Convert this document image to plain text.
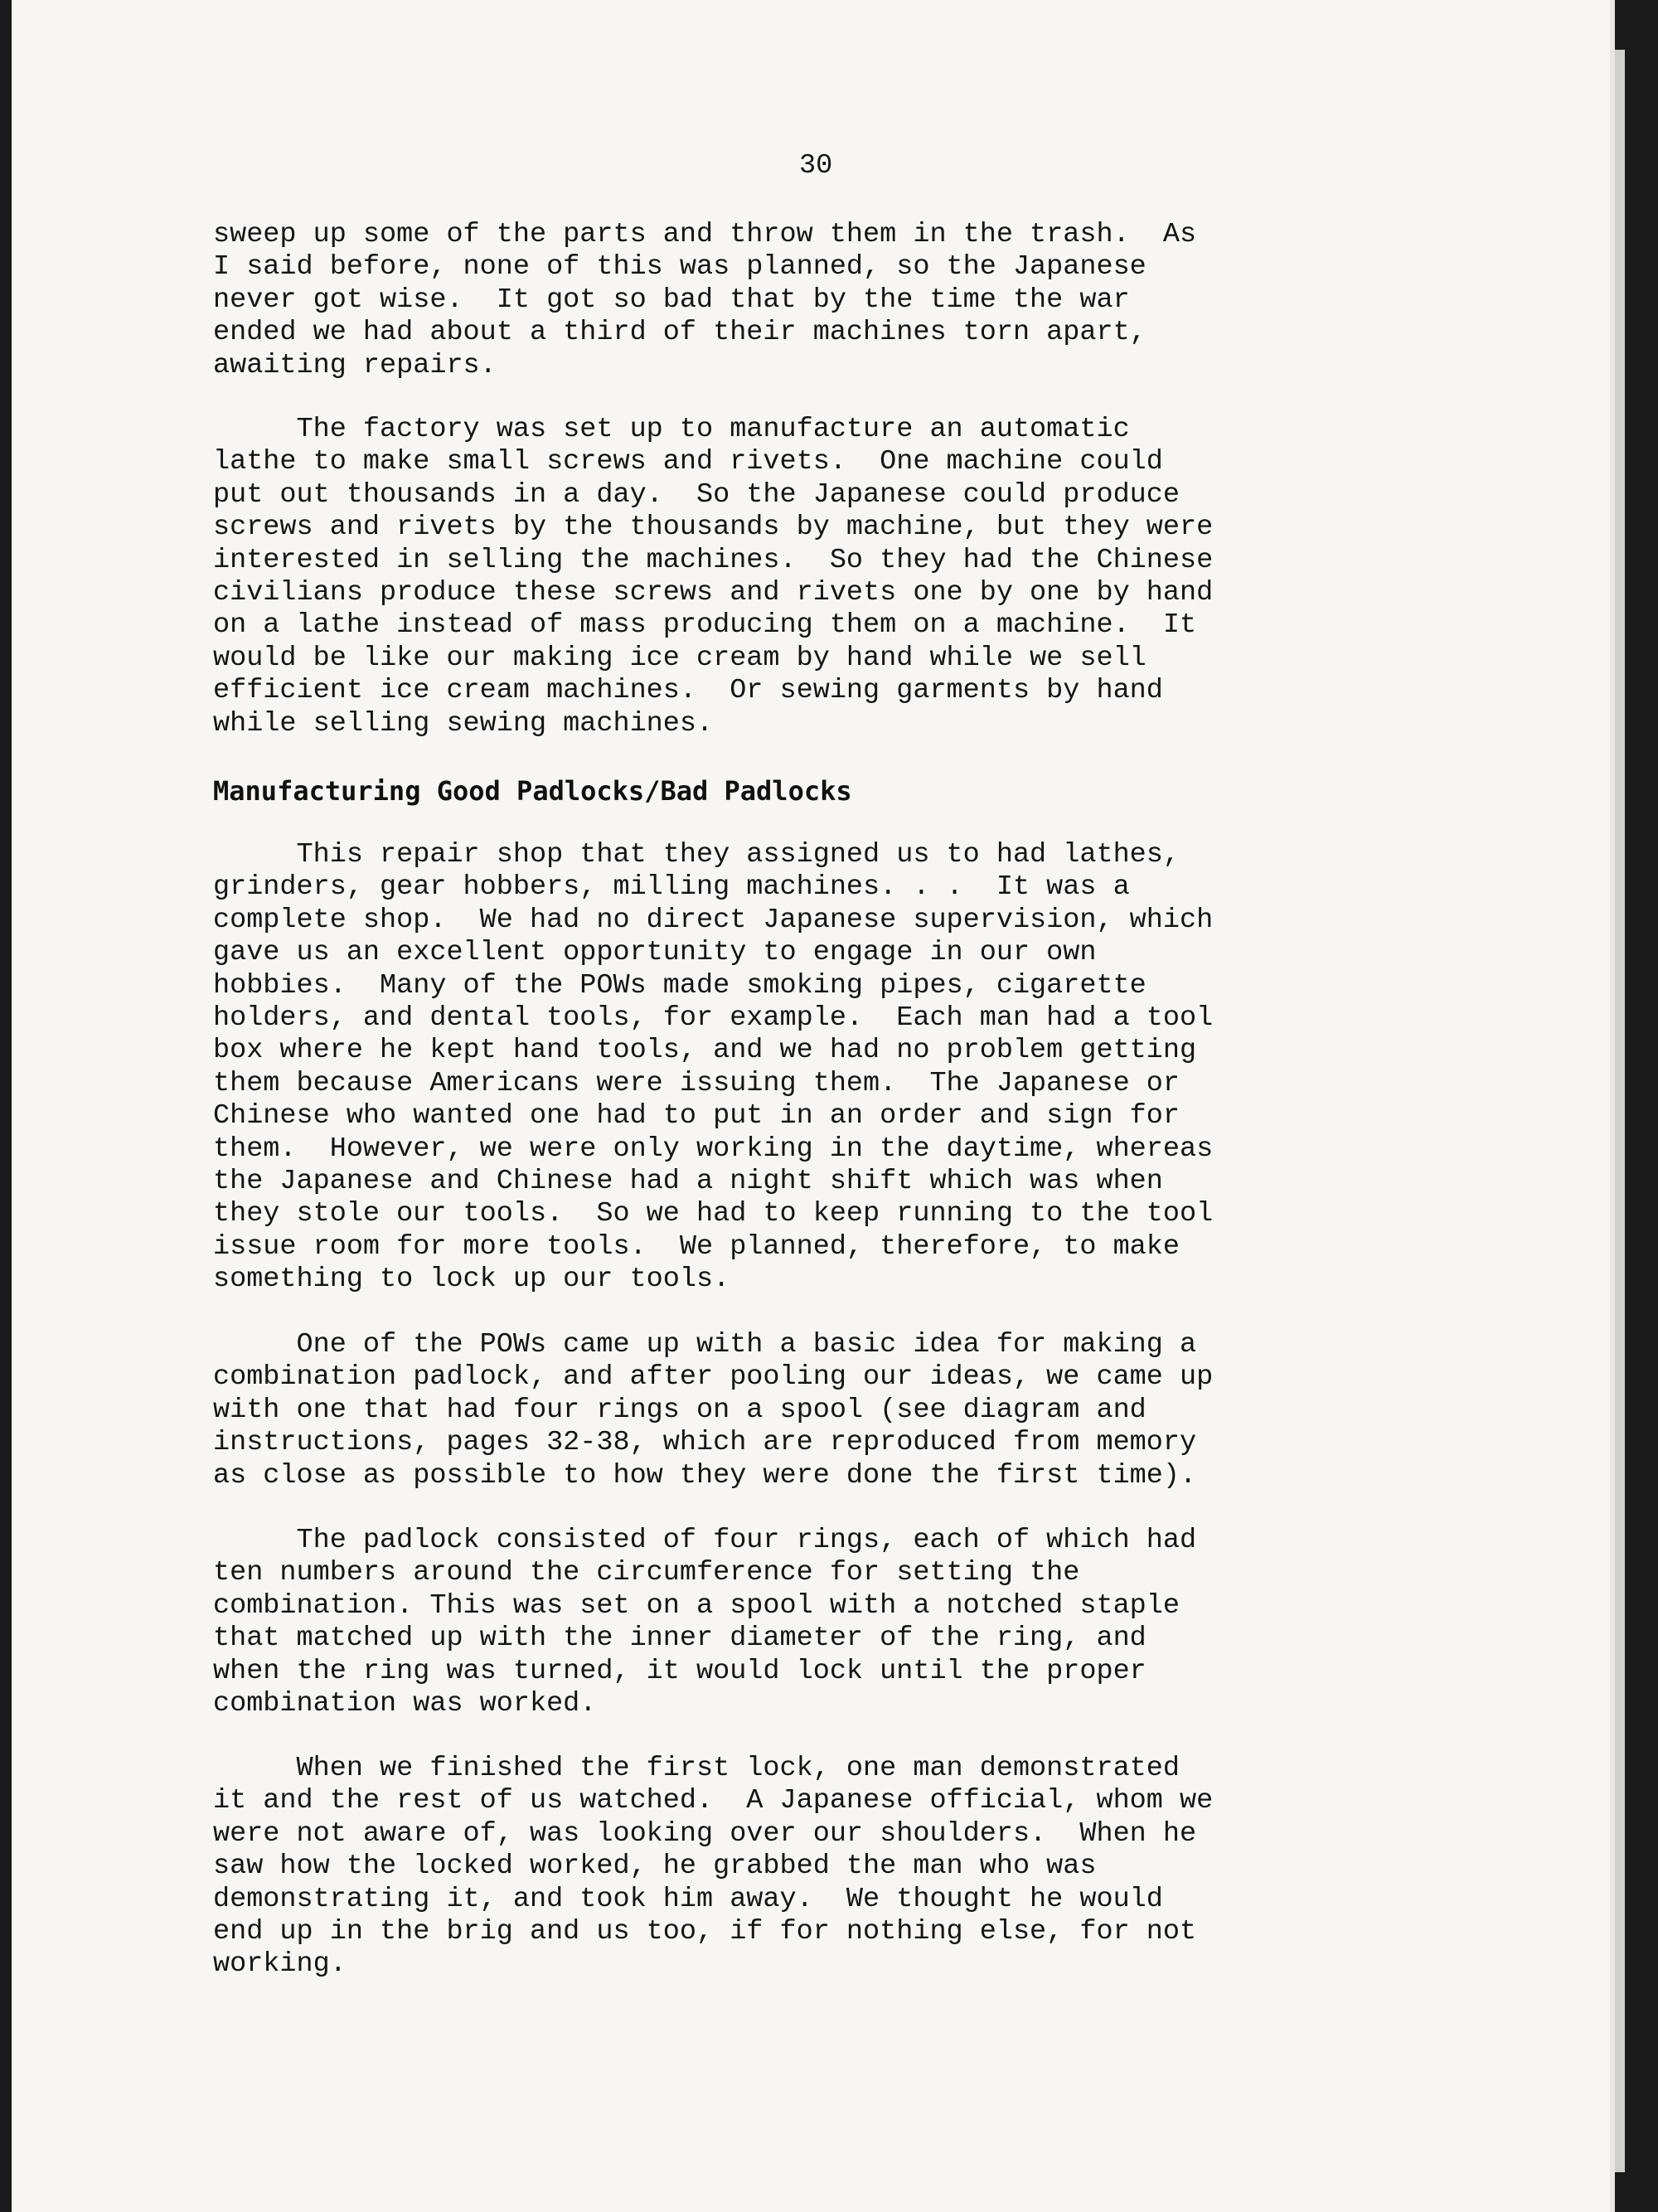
30

sweep up some of the parts and throw them in the trash.  As
I said before, none of this was planned, so the Japanese
never got wise.  It got so bad that by the time the war
ended we had about a third of their machines torn apart,
awaiting repairs.

The factory was set up to manufacture an automatic
lathe to make small screws and rivets.  One machine could
put out thousands in a day.  So the Japanese could produce
screws and rivets by the thousands by machine, but they were
interested in selling the machines.  So they had the Chinese
civilians produce these screws and rivets one by one by hand
on a lathe instead of mass producing them on a machine.  It
would be like our making ice cream by hand while we sell
efficient ice cream machines.  Or sewing garments by hand
while selling sewing machines.

Manufacturing Good Padlocks/Bad Padlocks

This repair shop that they assigned us to had lathes,
grinders, gear hobbers, milling machines. . .  It was a
complete shop.  We had no direct Japanese supervision, which
gave us an excellent opportunity to engage in our own
hobbies.  Many of the POWs made smoking pipes, cigarette
holders, and dental tools, for example.  Each man had a tool
box where he kept hand tools, and we had no problem getting
them because Americans were issuing them.  The Japanese or
Chinese who wanted one had to put in an order and sign for
them.  However, we were only working in the daytime, whereas
the Japanese and Chinese had a night shift which was when
they stole our tools.  So we had to keep running to the tool
issue room for more tools.  We planned, therefore, to make
something to lock up our tools.

One of the POWs came up with a basic idea for making a
combination padlock, and after pooling our ideas, we came up
with one that had four rings on a spool (see diagram and
instructions, pages 32-38, which are reproduced from memory
as close as possible to how they were done the first time).

The padlock consisted of four rings, each of which had
ten numbers around the circumference for setting the
combination. This was set on a spool with a notched staple
that matched up with the inner diameter of the ring, and
when the ring was turned, it would lock until the proper
combination was worked.

When we finished the first lock, one man demonstrated
it and the rest of us watched.  A Japanese official, whom we
were not aware of, was looking over our shoulders.  When he
saw how the locked worked, he grabbed the man who was
demonstrating it, and took him away.  We thought he would
end up in the brig and us too, if for nothing else, for not
working.
